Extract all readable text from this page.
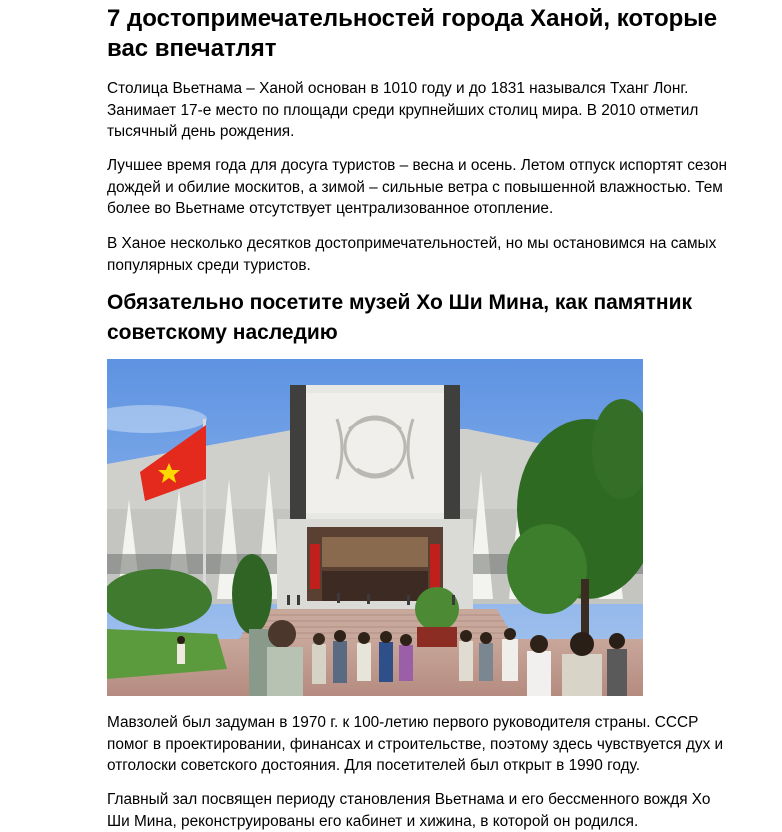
7 достопримечательностей города Ханой, которые вас впечатлят

Столица Вьетнама – Ханой основан в 1010 году и до 1831 назывался Тханг Лонг. Занимает 17-е место по площади среди крупнейших столиц мира. В 2010 отметил тысячный день рождения.

Лучшее время года для досуга туристов – весна и осень. Летом отпуск испортят сезон дождей и обилие москитов, а зимой – сильные ветра с повышенной влажностью. Тем более во Вьетнаме отсутствует централизованное отопление.

В Ханое несколько десятков достопримечательностей, но мы остановимся на самых популярных среди туристов.

Обязательно посетите музей Хо Ши Мина, как памятник советскому наследию

Мавзолей был задуман в 1970 г. к 100-летию первого руководителя страны. СССР помог в проектировании, финансах и строительстве, поэтому здесь чувствуется дух и отголоски советского достояния. Для посетителей был открыт в 1990 году.

Главный зал посвящен периоду становления Вьетнама и его бессменного вождя Хо Ши Мина, реконструированы его кабинет и хижина, в которой он родился.
